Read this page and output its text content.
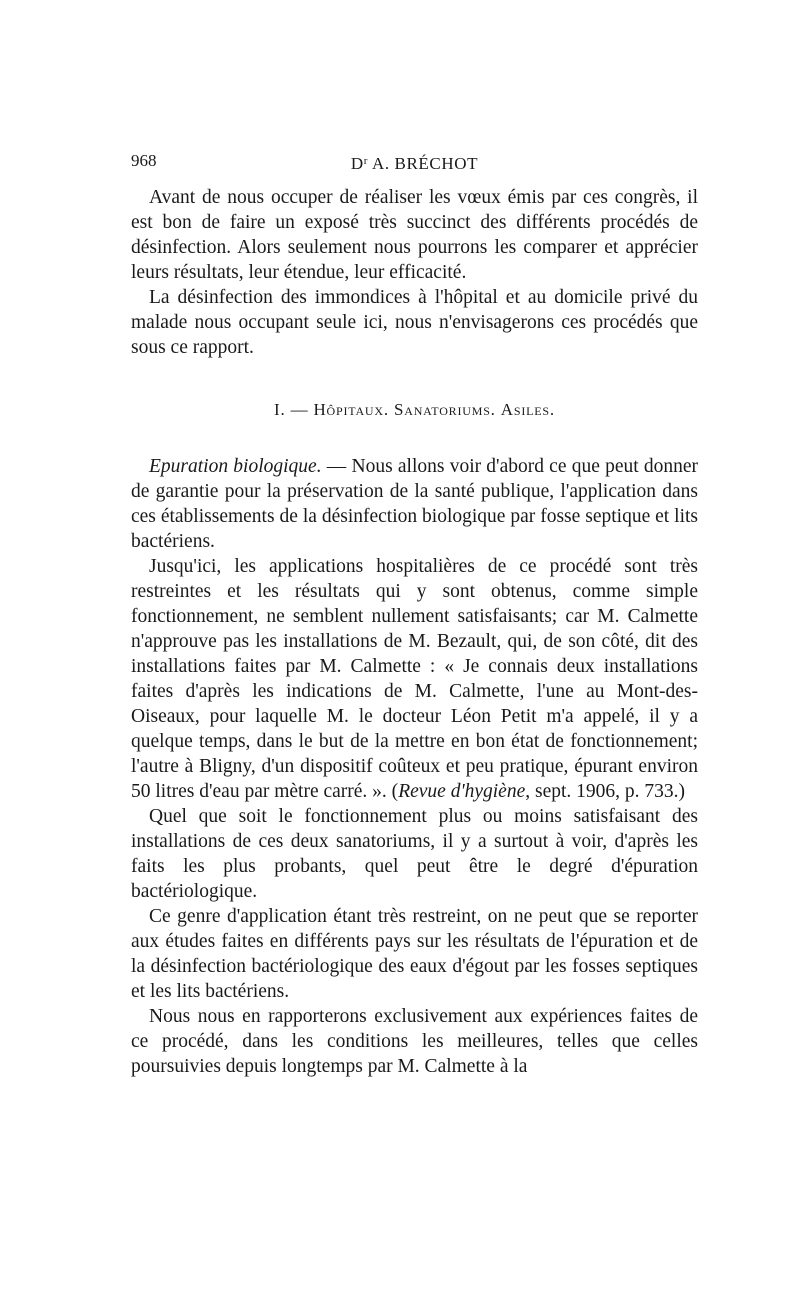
968	$D^r$ A. BRÉCHOT

Avant de nous occuper de réaliser les vœux émis par ces congrès, il est bon de faire un exposé très succinct des différents procédés de désinfection. Alors seulement nous pourrons les comparer et apprécier leurs résultats, leur étendue, leur efficacité.

La désinfection des immondices à l'hôpital et au domicile privé du malade nous occupant seule ici, nous n'envisagerons ces procédés que sous ce rapport.

I. — Hôpitaux. Sanatoriums. Asiles.

Epuration biologique. — Nous allons voir d'abord ce que peut donner de garantie pour la préservation de la santé publique, l'application dans ces établissements de la désinfection biologique par fosse septique et lits bactériens.

Jusqu'ici, les applications hospitalières de ce procédé sont très restreintes et les résultats qui y sont obtenus, comme simple fonctionnement, ne semblent nullement satisfaisants; car M. Calmette n'approuve pas les installations de M. Bezault, qui, de son côté, dit des installations faites par M. Calmette : « Je connais deux installations faites d'après les indications de M. Calmette, l'une au Mont-des-Oiseaux, pour laquelle M. le docteur Léon Petit m'a appelé, il y a quelque temps, dans le but de la mettre en bon état de fonctionnement; l'autre à Bligny, d'un dispositif coûteux et peu pratique, épurant environ 50 litres d'eau par mètre carré. ». (Revue d'hygiène, sept. 1906, p. 733.)

Quel que soit le fonctionnement plus ou moins satisfaisant des installations de ces deux sanatoriums, il y a surtout à voir, d'après les faits les plus probants, quel peut être le degré d'épuration bactériologique.

Ce genre d'application étant très restreint, on ne peut que se reporter aux études faites en différents pays sur les résultats de l'épuration et de la désinfection bactériologique des eaux d'égout par les fosses septiques et les lits bactériens.

Nous nous en rapporterons exclusivement aux expériences faites de ce procédé, dans les conditions les meilleures, telles que celles poursuivies depuis longtemps par M. Calmette à la
